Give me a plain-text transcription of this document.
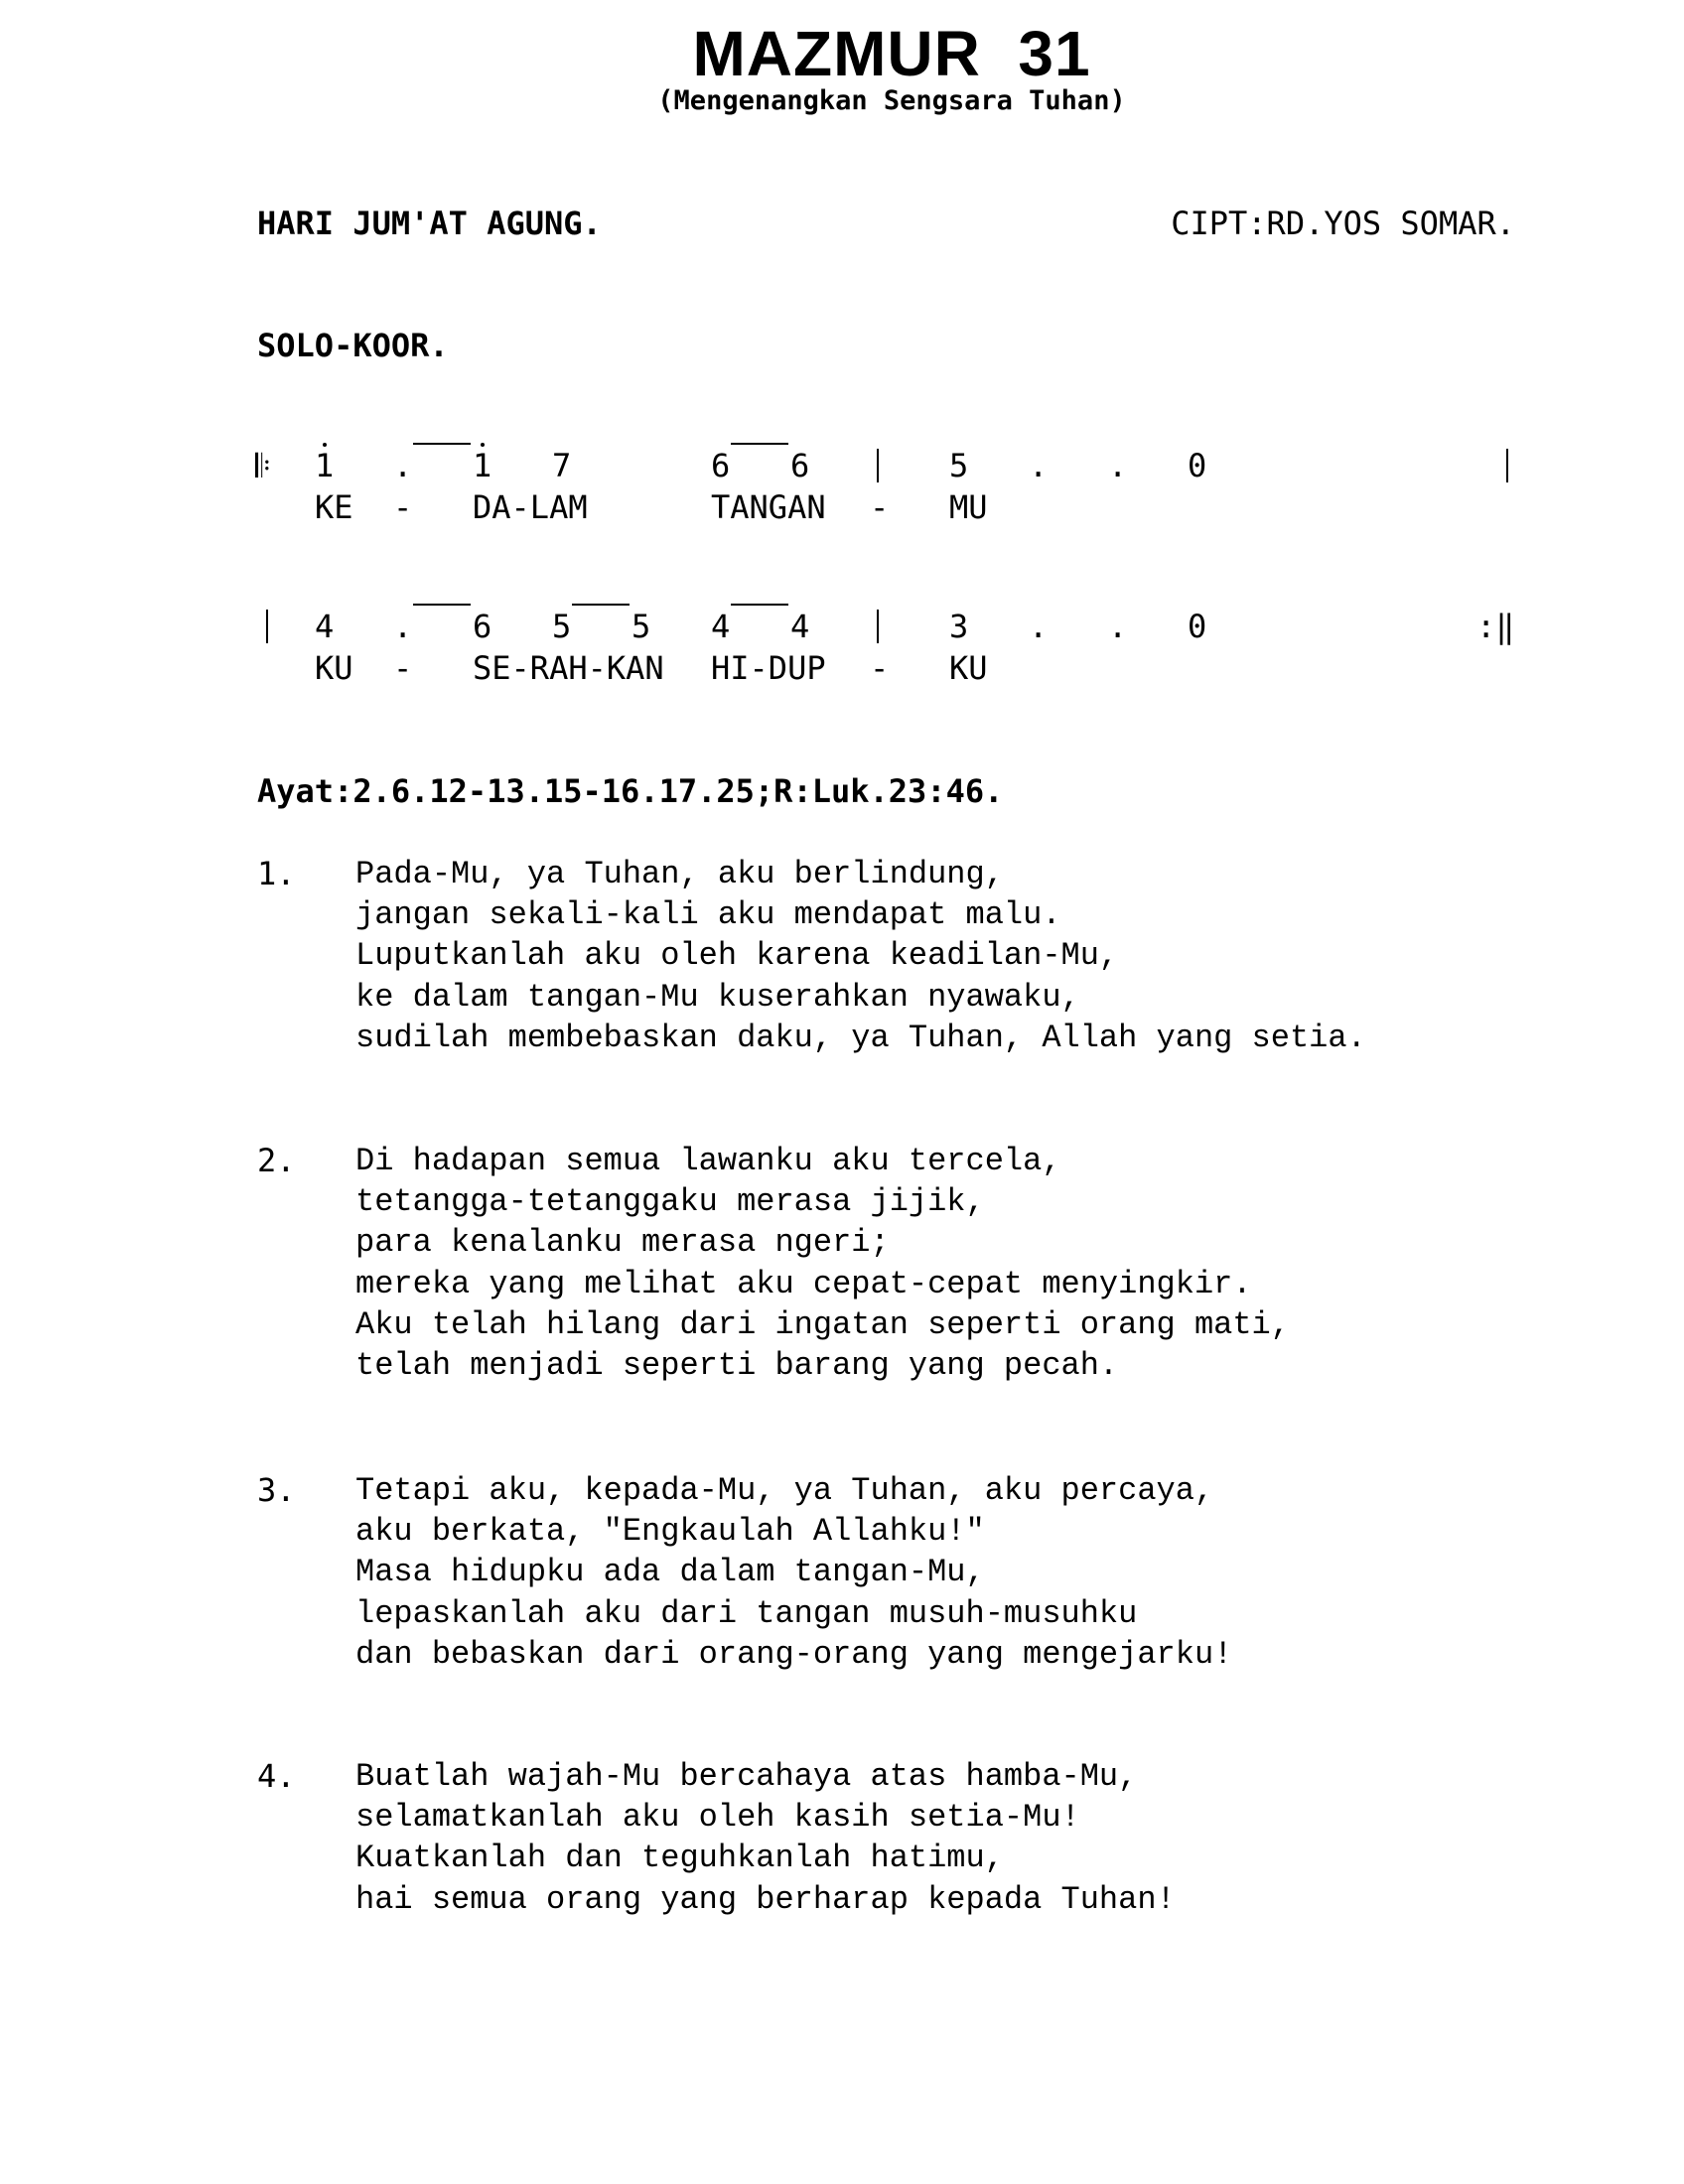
MAZMUR  31
(Mengenangkan Sengsara Tuhan)
HARI JUM'AT AGUNG.	CIPT:RD.YOS SOMAR.
SOLO-KOOR.
𝄆 1 . 1 7	6 6	5 . . 0
KE - DA-LAM	TANGAN - MU
4 . 6 5 5 4 4	3 . . 0	:‖
KU - SE-RAH-KAN HI-DUP - KU
Ayat:2.6.12-13.15-16.17.25;R:Luk.23:46.
1. Pada-Mu, ya Tuhan, aku berlindung,
jangan sekali-kali aku mendapat malu.
Luputkanlah aku oleh karena keadilan-Mu,
ke dalam tangan-Mu kuserahkan nyawaku,
sudilah membebaskan daku, ya Tuhan, Allah yang setia.
2. Di hadapan semua lawanku aku tercela,
tetangga-tetanggaku merasa jijik,
para kenalanku merasa ngeri;
mereka yang melihat aku cepat-cepat menyingkir.
Aku telah hilang dari ingatan seperti orang mati,
telah menjadi seperti barang yang pecah.
3. Tetapi aku, kepada-Mu, ya Tuhan, aku percaya,
aku berkata, "Engkaulah Allahku!"
Masa hidupku ada dalam tangan-Mu,
lepaskanlah aku dari tangan musuh-musuhku
dan bebaskan dari orang-orang yang mengejarku!
4. Buatlah wajah-Mu bercahaya atas hamba-Mu,
selamatkanlah aku oleh kasih setia-Mu!
Kuatkanlah dan teguhkanlah hatimu,
hai semua orang yang berharap kepada Tuhan!
